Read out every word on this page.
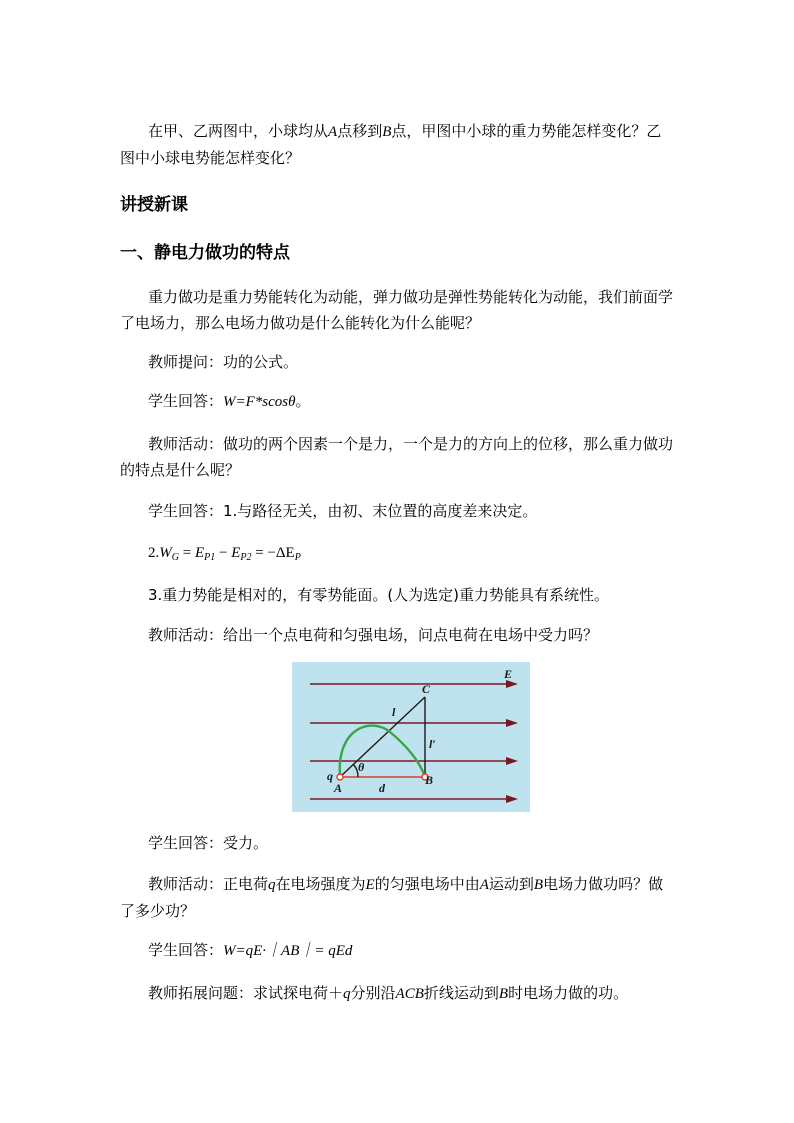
在甲、乙两图中，小球均从A点移到B点，甲图中小球的重力势能怎样变化？乙图中小球电势能怎样变化？

讲授新课
一、静电力做功的特点

重力做功是重力势能转化为动能，弹力做功是弹性势能转化为动能，我们前面学了电场力，那么电场力做功是什么能转化为什么能呢？

教师提问：功的公式。

学生回答：W=F*scosθ。

教师活动：做功的两个因素一个是力，一个是力的方向上的位移，那么重力做功的特点是什么呢？

学生回答：1.与路径无关，由初、末位置的高度差来决定。

$2.W_G = E_{P1} - E_{P2} = -\Delta E_P$

3.重力势能是相对的，有零势能面。(人为选定)重力势能具有系统性。

教师活动：给出一个点电荷和匀强电场，问点电荷在电场中受力吗？

E
C
l
l′
θ
q
A
B
d

学生回答：受力。

教师活动：正电荷q在电场强度为E的匀强电场中由A运动到B电场力做功吗？做了多少功？

学生回答：W=qE·｜AB｜= qEd

教师拓展问题：求试探电荷＋q分别沿ACB折线运动到B时电场力做的功。
